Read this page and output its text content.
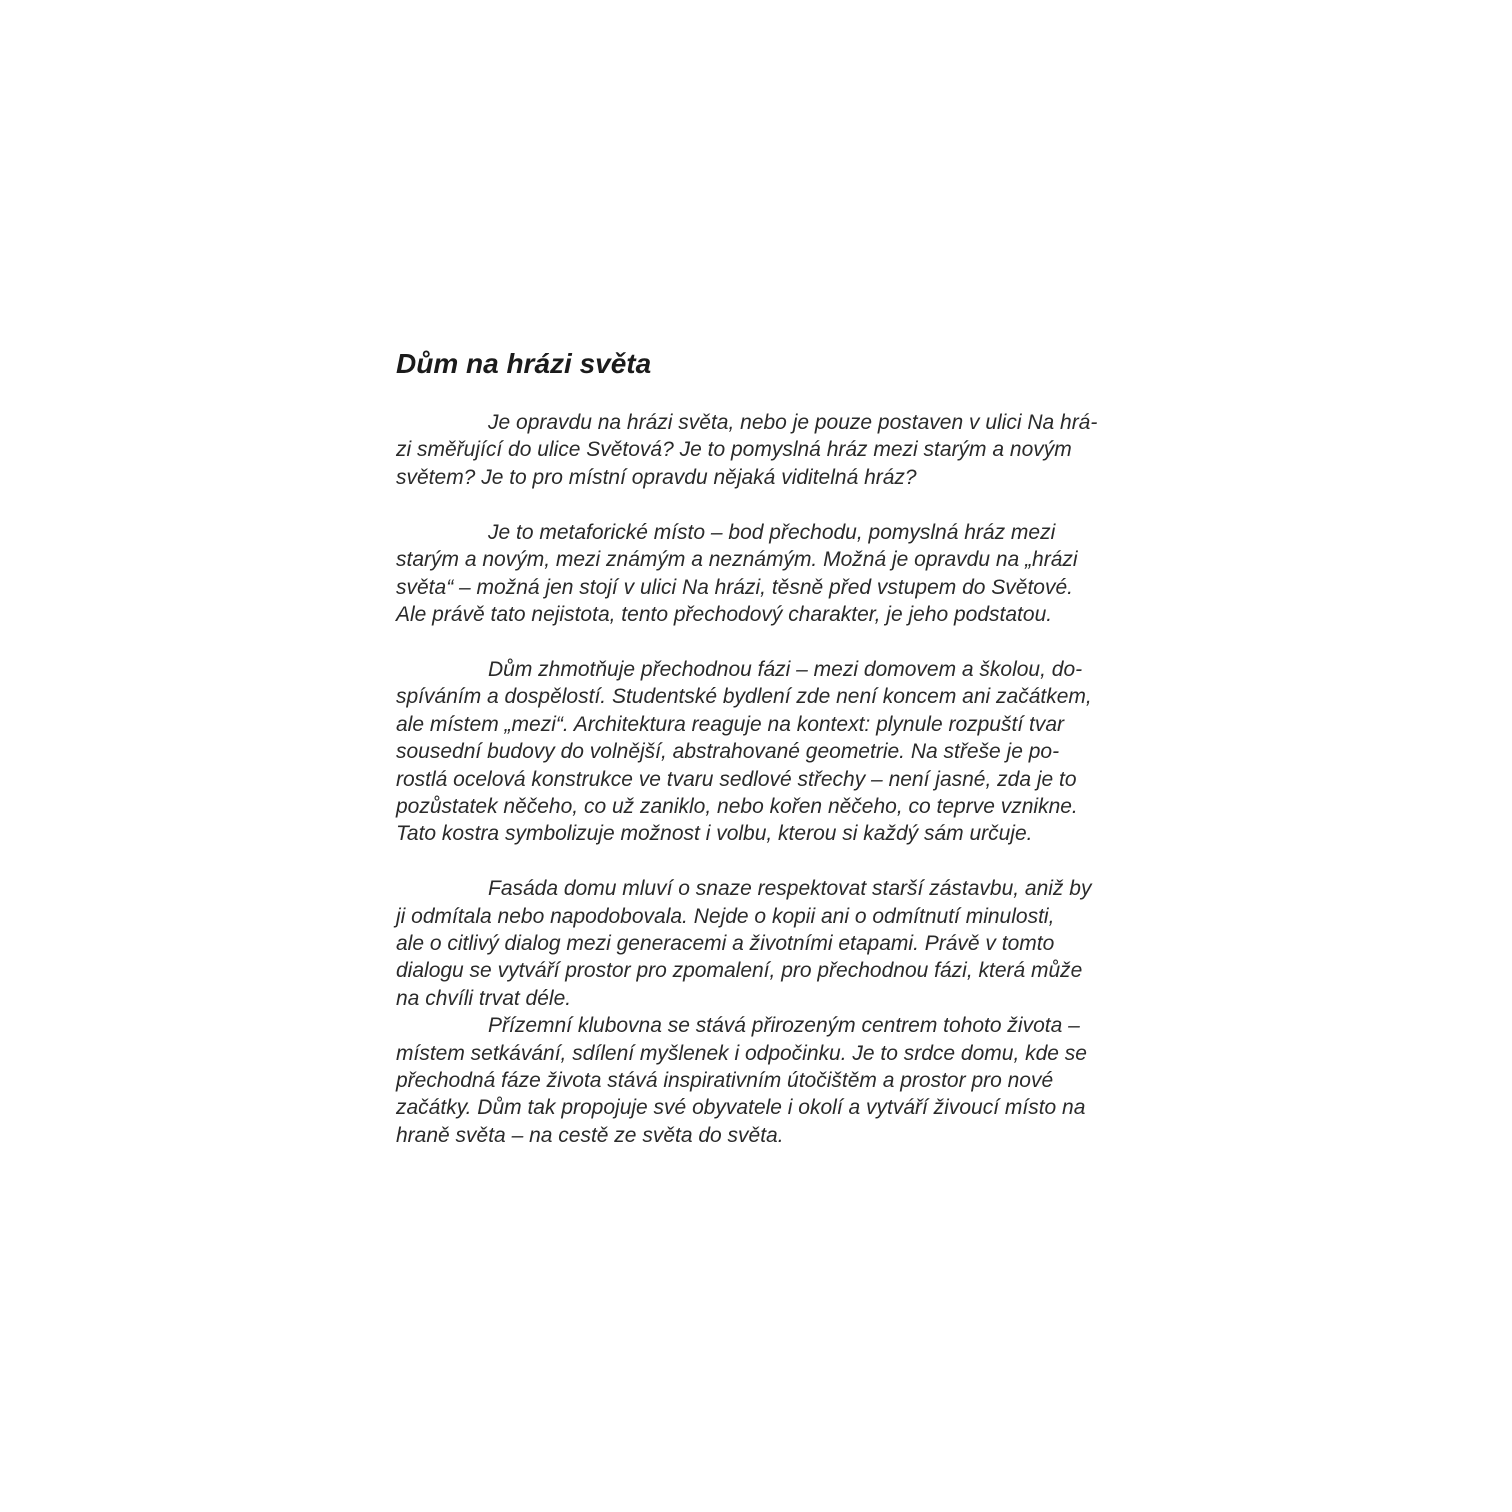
Dům na hrázi světa
Je opravdu na hrázi světa, nebo je pouze postaven v ulici Na hrá-
zi směřující do ulice Světová? Je to pomyslná hráz mezi starým a novým
světem? Je to pro místní opravdu nějaká viditelná hráz?
Je to metaforické místo – bod přechodu, pomyslná hráz mezi
starým a novým, mezi známým a neznámým. Možná je opravdu na „hrázi
světa“ – možná jen stojí v ulici Na hrázi, těsně před vstupem do Světové.
Ale právě tato nejistota, tento přechodový charakter, je jeho podstatou.
Dům zhmotňuje přechodnou fázi – mezi domovem a školou, do-
spíváním a dospělostí. Studentské bydlení zde není koncem ani začátkem,
ale místem „mezi“. Architektura reaguje na kontext: plynule rozpuští tvar
sousední budovy do volnější, abstrahované geometrie. Na střeše je po-
rostlá ocelová konstrukce ve tvaru sedlové střechy – není jasné, zda je to
pozůstatek něčeho, co už zaniklo, nebo kořen něčeho, co teprve vznikne.
Tato kostra symbolizuje možnost i volbu, kterou si každý sám určuje.
Fasáda domu mluví o snaze respektovat starší zástavbu, aniž by
ji odmítala nebo napodobovala. Nejde o kopii ani o odmítnutí minulosti,
ale o citlivý dialog mezi generacemi a životními etapami. Právě v tomto
dialogu se vytváří prostor pro zpomalení, pro přechodnou fázi, která může
na chvíli trvat déle.
Přízemní klubovna se stává přirozeným centrem tohoto života –
místem setkávání, sdílení myšlenek i odpočinku. Je to srdce domu, kde se
přechodná fáze života stává inspirativním útočištěm a prostor pro nové
začátky. Dům tak propojuje své obyvatele i okolí a vytváří živoucí místo na
hraně světa – na cestě ze světa do světa.
